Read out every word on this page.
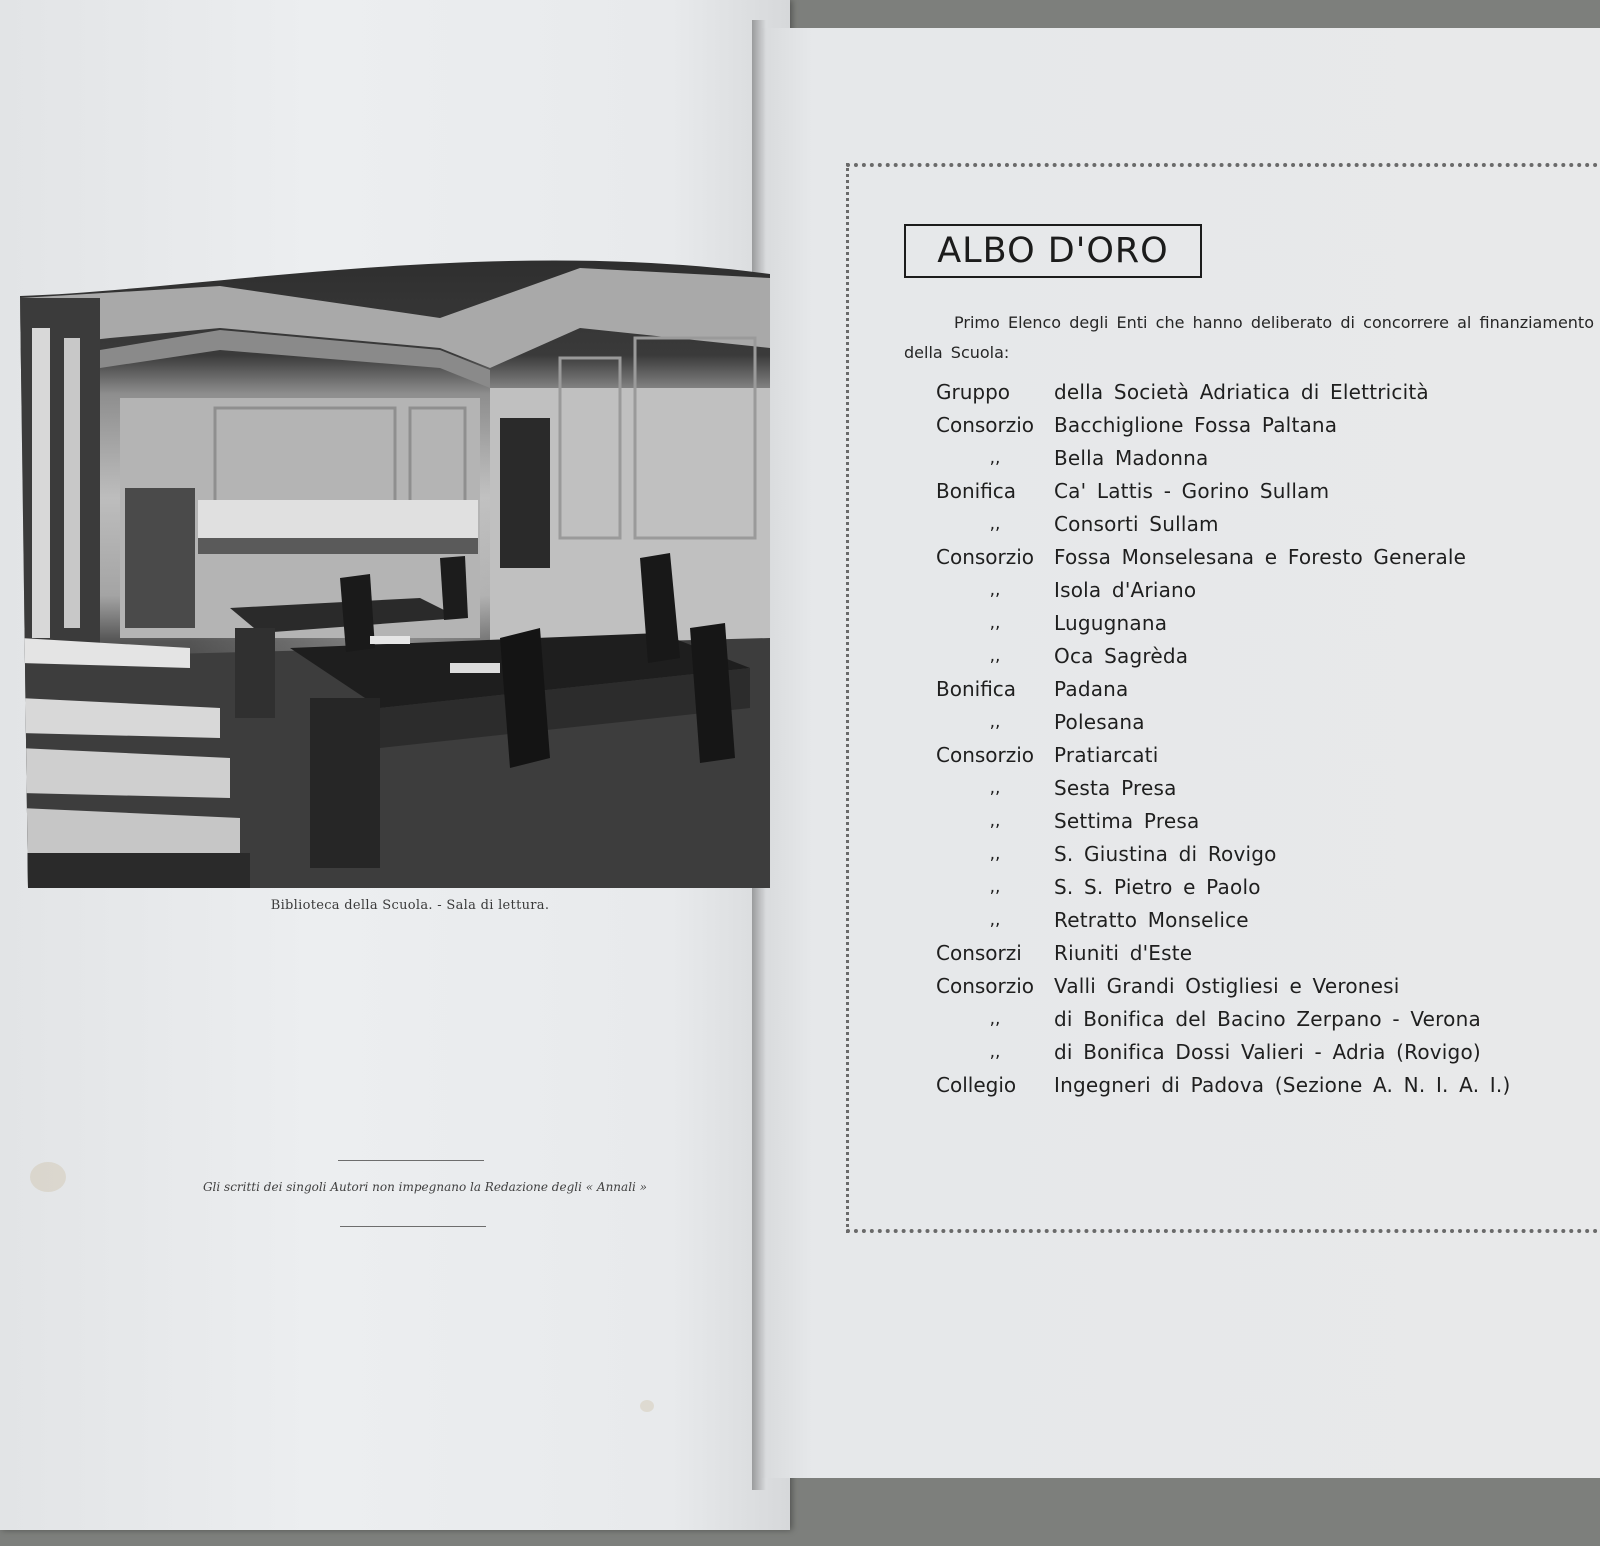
Biblioteca della Scuola. - Sala di lettura.
Gli scritti dei singoli Autori non impegnano la Redazione degli « Annali »
ALBO D'ORO
Primo Elenco degli Enti che hanno deliberato di concorrere al finanziamento della Scuola:
Gruppo della Società Adriatica di Elettricità
Consorzio Bacchiglione Fossa Paltana
,,	Bella Madonna
Bonifica Ca' Lattis - Gorino Sullam
,,	Consorti Sullam
Consorzio Fossa Monselesana e Foresto Generale
,,	Isola d'Ariano
,,	Lugugnana
,,	Oca Sagrèda
Bonifica Padana
,,	Polesana
Consorzio Pratiarcati
,,	Sesta Presa
,,	Settima Presa
,,	S. Giustina di Rovigo
,,	S. S. Pietro e Paolo
,,	Retratto Monselice
Consorzi Riuniti d'Este
Consorzio Valli Grandi Ostigliesi e Veronesi
,,	di Bonifica del Bacino Zerpano - Verona
,,	di Bonifica Dossi Valieri - Adria (Rovigo)
Collegio Ingegneri di Padova (Sezione A. N. I. A. I.)
